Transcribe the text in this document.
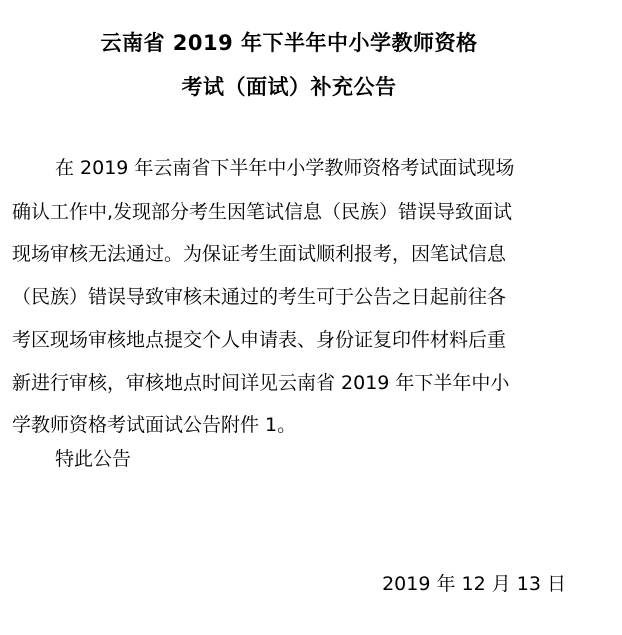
云南省 2019 年下半年中小学教师资格
考试（面试）补充公告
在 2019 年云南省下半年中小学教师资格考试面试现场
确认工作中,发现部分考生因笔试信息（民族）错误导致面试
现场审核无法通过。为保证考生面试顺利报考，因笔试信息
（民族）错误导致审核未通过的考生可于公告之日起前往各
考区现场审核地点提交个人申请表、身份证复印件材料后重
新进行审核，审核地点时间详见云南省 2019 年下半年中小
学教师资格考试面试公告附件 1。
特此公告
2019 年 12 月 13 日
